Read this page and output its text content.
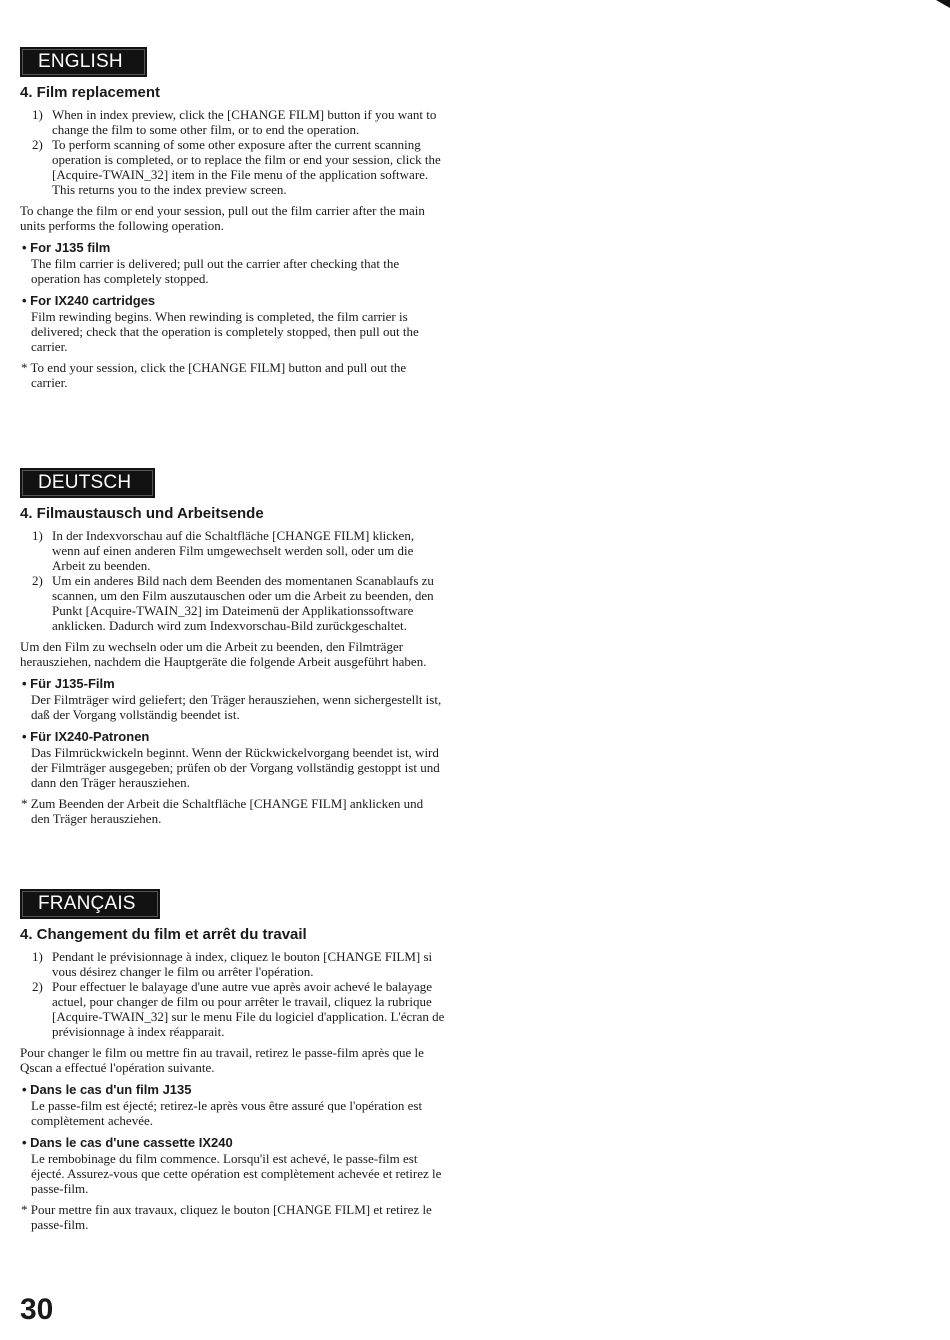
ENGLISH
4. Film replacement
1) When in index preview, click the [CHANGE FILM] button if you want to change the film to some other film, or to end the operation.
2) To perform scanning of some other exposure after the current scanning operation is completed, or to replace the film or end your session, click the [Acquire-TWAIN_32] item in the File menu of the application software. This returns you to the index preview screen.

To change the film or end your session, pull out the film carrier after the main units performs the following operation.

• For J135 film

The film carrier is delivered; pull out the carrier after checking that the operation has completely stopped.

• For IX240 cartridges

Film rewinding begins. When rewinding is completed, the film carrier is delivered; check that the operation is completely stopped, then pull out the carrier.

* To end your session, click the [CHANGE FILM] button and pull out the carrier.

DEUTSCH
4. Filmaustausch und Arbeitsende
1) In der Indexvorschau auf die Schaltfläche [CHANGE FILM] klicken, wenn auf einen anderen Film umgewechselt werden soll, oder um die Arbeit zu beenden.
2) Um ein anderes Bild nach dem Beenden des momentanen Scanablaufs zu scannen, um den Film auszutauschen oder um die Arbeit zu beenden, den Punkt [Acquire-TWAIN_32] im Dateimenü der Applikationssoftware anklicken. Dadurch wird zum Indexvorschau-Bild zurückgeschaltet.

Um den Film zu wechseln oder um die Arbeit zu beenden, den Filmträger herausziehen, nachdem die Hauptgeräte die folgende Arbeit ausgeführt haben.

• Für J135-Film

Der Filmträger wird geliefert; den Träger herausziehen, wenn sichergestellt ist, daß der Vorgang vollständig beendet ist.

• Für IX240-Patronen

Das Filmrückwickeln beginnt. Wenn der Rückwickelvorgang beendet ist, wird der Filmträger ausgegeben; prüfen ob der Vorgang vollständig gestoppt ist und dann den Träger herausziehen.

* Zum Beenden der Arbeit die Schaltfläche [CHANGE FILM] anklicken und den Träger herausziehen.

FRANÇAIS
4. Changement du film et arrêt du travail
1) Pendant le prévisionnage à index, cliquez le bouton [CHANGE FILM] si vous désirez changer le film ou arrêter l'opération.
2) Pour effectuer le balayage d'une autre vue après avoir achevé le balayage actuel, pour changer de film ou pour arrêter le travail, cliquez la rubrique [Acquire-TWAIN_32] sur le menu File du logiciel d'application. L'écran de prévisionnage à index réapparait.

Pour changer le film ou mettre fin au travail, retirez le passe-film après que le Qscan a effectué l'opération suivante.

• Dans le cas d'un film J135

Le passe-film est éjecté; retirez-le après vous être assuré que l'opération est complètement achevée.

• Dans le cas d'une cassette IX240

Le rembobinage du film commence. Lorsqu'il est achevé, le passe-film est éjecté. Assurez-vous que cette opération est complètement achevée et retirez le passe-film.

* Pour mettre fin aux travaux, cliquez le bouton [CHANGE FILM] et retirez le passe-film.

30
